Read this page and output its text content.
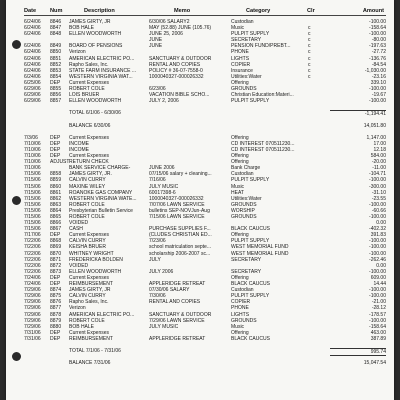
Date Num	Description	Memo	Category	Clr	Amount
6/24/06	8846	JAMES GIRTY, JR	6/30/06 SALARY2	Custodian	-100.00
6/24/06	8847	BOB HALE	MAY (52.88) JUNE (105.76)	Music	c	-158.64
6/24/06	8848	ELLEN WOODWORTH	JUNE 25, 2006	PULPIT SUPPLY	c	-100.00
JUNE	SECRETARY	c	-80.00
6/24/06	8849	BOARD OF PENSIONS	JUNE	PENSION FUND/PREBT...	c	-197.63
6/24/06	8850	Verizon	PHONE	c	-27.72
6/24/06	8851	AMERICAN ELECTRIC PO...	SANCTUARY & OUTDOOR	LIGHTS	c	-136.76
6/24/06	8852	Rapho Sales, Inc.	RENTAL AND COPIES	COPIER	c	-84.54
6/24/06	8853	STATE FARM INSURANCE ...	POLICY # 36-07-7558-0	Insurance	c	-1,030.00
6/24/06	8854	WESTERN VIRGINIA WAT...	1000040327-000026332	Utilities:Water	c	-23.16
6/25/06	DEP	Current Expenses	Offering	339.10
6/29/06	8855	ROBERT COLE	6/23/06	GROUNDS	-100.00
6/29/06	8856	LOIS BRUER	VACATION BIBLE SCHO...	Christian Education:Materi...	-19.67
6/29/06	8857	ELLEN WOODWORTH	JULY 2, 2006	PULPIT SUPPLY	-100.00
TOTAL 6/1/06 - 6/30/06	-1,194.41
BALANCE 6/30/06	14,051.80
7/3/06	DEP	Current Expenses	Offering	1,147.00
7/10/06	DEP	INCOME	CD INTEREST 070511230...	17.00
7/10/06	DEP	INCOME	CD INTEREST 070511230...	12.18
7/10/06	DEP	Current Expenses	Offering	584.00
7/10/06	ADJUST RETURN CHECK	Offering	-20.00
7/10/06	BANK SERVICE CHARGE-	JUNE 2006	Bank Charge	-11.00
7/15/06	8858	JAMES GIRTY, JR.	07/15/06 salary + cleaning...	Custodian	-104.71
7/15/06	8859	CALVIN CURRY	7/16/06	PULPIT SUPPLY	-100.00
7/15/06	8860	MAXINE WILEY	JULY MUSIC	Music	-300.00
7/15/06	8861	ROANOKE GAS COMPANY	60017398-6	HEAT	-31.10
7/15/06	8862	WESTERN VIRGINIA WATE...	1000040327-000026332	Utilities:Water	-23.55
7/15/06	8863	ROBERT COLE	7/07/06 LAWN SERVICE	GROUNDS	-100.00
7/15/06	8864	Presbyterian Bulletin Service	bulletins SEP-NOVJun-Aug	WORSHIP	-60.66
7/15/06	8865	ROBERT COLE	7/15/06 LAWN SERVICE	GROUNDS	-100.00
7/15/06	8866	VOIDED	0.00
7/15/06	8867	CASH	PURCHASE SUPPLIES F...	BLACK CAUCUS	-402.32
7/17/06	DEP	Current Expenses	(CLUDES CHRISTIAN ED...	Offering	391.83
7/22/06	8868	CALVIN CURRY	7/23/06	PULPIT SUPPLY	-100.00
7/22/06	8869	KEISHA BRUER	school matriculation septe...	WEST MEMORIAL FUND	-100.00
7/22/06	8870	WHITNEY WRIGHT	scholarship 2006-2007 sc...	WEST MEMORIAL FUND	-100.00
7/22/06	8871	FREDERICKA BOLDEN	JULY	SECRETARY	-262.46
7/22/06	8872	VOIDED	0.00
7/22/06	8873	ELLEN WOODWORTH	JULY 2006	SECRETARY	-100.00
7/24/06	DEP	Current Expenses	Offering	609.00
7/24/06	DEP	REIMBURSEMENT	APPLERIDGE RETREAT	BLACK CAUCUS	14.44
7/29/06	8874	JAMES GIRTY, JR	07/30/06 SALARY	Custodian	-100.00
7/29/06	8875	CALVIN CURRY	7/30/06	PULPIT SUPPLY	-100.00
7/29/06	8876	Rapho Sales, Inc.	RENTAL AND COPIES	COPIER	-21.00
7/29/06	8877	Verizon	PHONE	-28.12
7/29/06	8878	AMERICAN ELECTRIC PO...	SANCTUARY & OUTDOOR	LIGHTS	-178.57
7/29/06	8879	ROBERT COLE	7/29/06 LAWN SERVICE	GROUNDS	-100.00
7/29/06	8880	BOB HALE	JULY MUSIC	Music	-158.64
7/31/06	DEP	Current Expenses	Offering	463.00
7/31/06	DEP	REIMBURSEMENT	APPLERIDGE RETREAT	BLACK CAUCUS	387.89
TOTAL 7/1/06 - 7/31/06	995.74
BALANCE 7/31/06	15,047.54
